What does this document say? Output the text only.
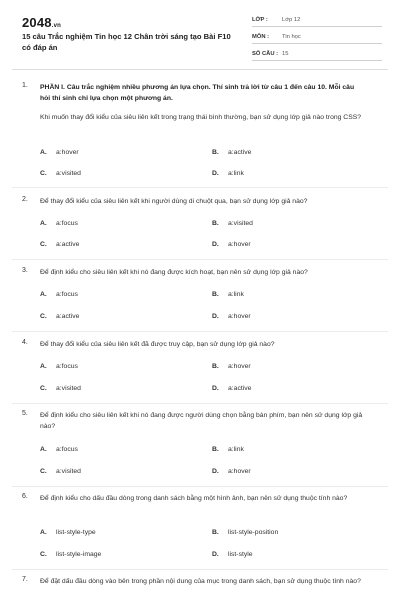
2048.vn
15 câu Trắc nghiệm Tin học 12 Chân trời sáng tạo Bài F10 có đáp án
LỚP :	Lớp 12
MÔN :	Tin học
SỐ CÂU : 15
1. PHẦN I. Câu trắc nghiệm nhiều phương án lựa chọn. Thí sinh trả lời từ câu 1 đến câu 10. Mỗi câu hỏi thí sinh chỉ lựa chọn một phương án.
Khi muốn thay đổi kiểu của siêu liên kết trong trạng thái bình thường, bạn sử dụng lớp giả nào trong CSS?
A. a:hover	B. a:active
C. a:visited	D. a:link
2. Để thay đổi kiểu của siêu liên kết khi người dùng di chuột qua, bạn sử dụng lớp giả nào?
A. a:focus	B. a:visited
C. a:active	D. a:hover
3. Để định kiểu cho siêu liên kết khi nó đang được kích hoạt, bạn nên sử dụng lớp giả nào?
A. a:focus	B. a:link
C. a:active	D. a:hover
4. Để thay đổi kiểu của siêu liên kết đã được truy cập, bạn sử dụng lớp giả nào?
A. a:focus	B. a:hover
C. a:visited	D. a:active
5. Để định kiểu cho siêu liên kết khi nó đang được người dùng chọn bằng bàn phím, bạn nên sử dụng lớp giả nào?
A. a:focus	B. a:link
C. a:visited	D. a:hover
6. Để định kiểu cho dấu đầu dòng trong danh sách bằng một hình ảnh, bạn nên sử dụng thuộc tính nào?
A. list-style-type	B. list-style-position
C. list-style-image	D. list-style
7. Để đặt dấu đầu dòng vào bên trong phần nội dung của mục trong danh sách, bạn sử dụng thuộc tính nào?
